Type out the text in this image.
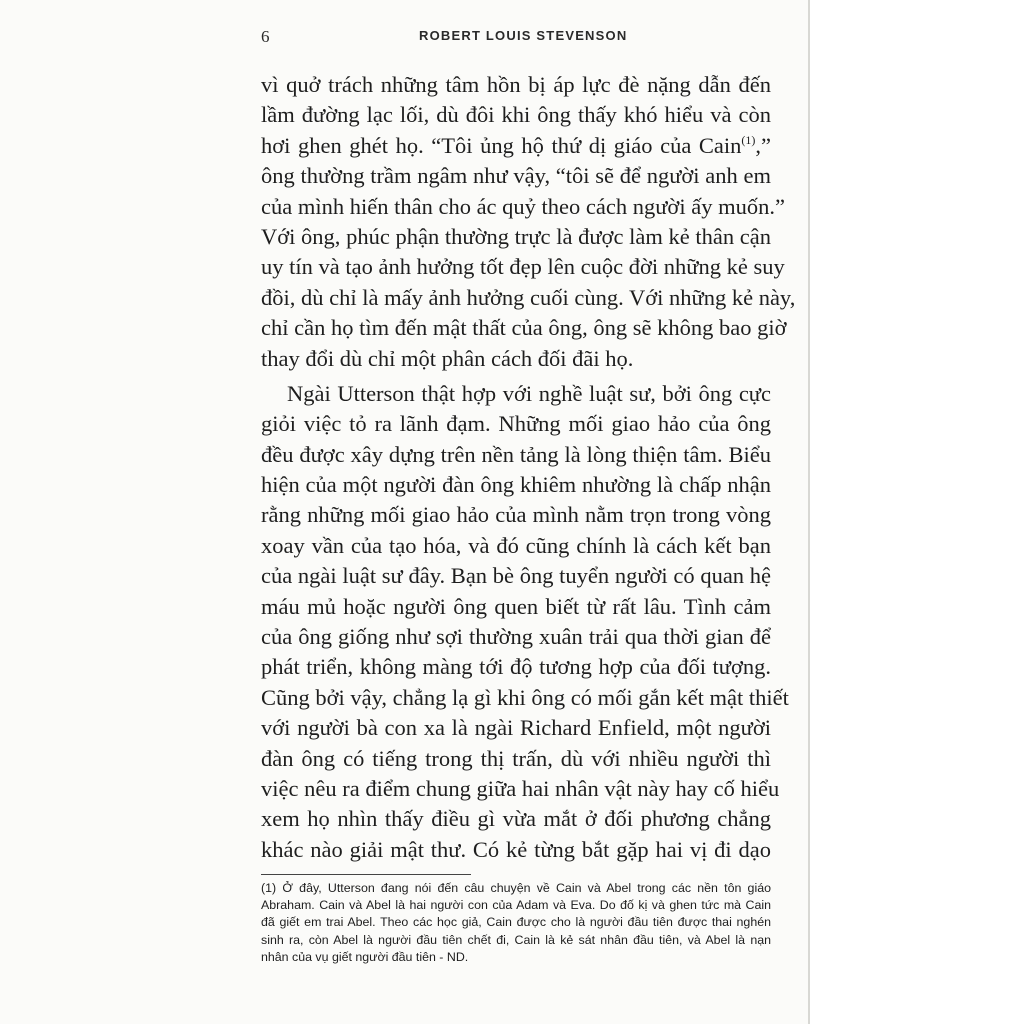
6	ROBERT LOUIS STEVENSON
vì quở trách những tâm hồn bị áp lực đè nặng dẫn đến
lầm đường lạc lối, dù đôi khi ông thấy khó hiểu và còn
hơi ghen ghét họ. “Tôi ủng hộ thứ dị giáo của Cain$^{(1)}$,”
ông thường trầm ngâm như vậy, “tôi sẽ để người anh em
của mình hiến thân cho ác quỷ theo cách người ấy muốn.”
Với ông, phúc phận thường trực là được làm kẻ thân cận
uy tín và tạo ảnh hưởng tốt đẹp lên cuộc đời những kẻ suy
đồi, dù chỉ là mấy ảnh hưởng cuối cùng. Với những kẻ này,
chỉ cần họ tìm đến mật thất của ông, ông sẽ không bao giờ
thay đổi dù chỉ một phân cách đối đãi họ.
Ngài Utterson thật hợp với nghề luật sư, bởi ông cực
giỏi việc tỏ ra lãnh đạm. Những mối giao hảo của ông
đều được xây dựng trên nền tảng là lòng thiện tâm. Biểu
hiện của một người đàn ông khiêm nhường là chấp nhận
rằng những mối giao hảo của mình nằm trọn trong vòng
xoay vần của tạo hóa, và đó cũng chính là cách kết bạn
của ngài luật sư đây. Bạn bè ông tuyển người có quan hệ
máu mủ hoặc người ông quen biết từ rất lâu. Tình cảm
của ông giống như sợi thường xuân trải qua thời gian để
phát triển, không màng tới độ tương hợp của đối tượng.
Cũng bởi vậy, chẳng lạ gì khi ông có mối gắn kết mật thiết
với người bà con xa là ngài Richard Enfield, một người
đàn ông có tiếng trong thị trấn, dù với nhiều người thì
việc nêu ra điểm chung giữa hai nhân vật này hay cố hiểu
xem họ nhìn thấy điều gì vừa mắt ở đối phương chẳng
khác nào giải mật thư. Có kẻ từng bắt gặp hai vị đi dạo
(1) Ở đây, Utterson đang nói đến câu chuyện về Cain và Abel trong các nền tôn giáo
Abraham. Cain và Abel là hai người con của Adam và Eva. Do đố kị và ghen tức mà Cain
đã giết em trai Abel. Theo các học giả, Cain được cho là người đầu tiên được thai nghén
sinh ra, còn Abel là người đầu tiên chết đi, Cain là kẻ sát nhân đầu tiên, và Abel là nạn
nhân của vụ giết người đầu tiên - ND.
